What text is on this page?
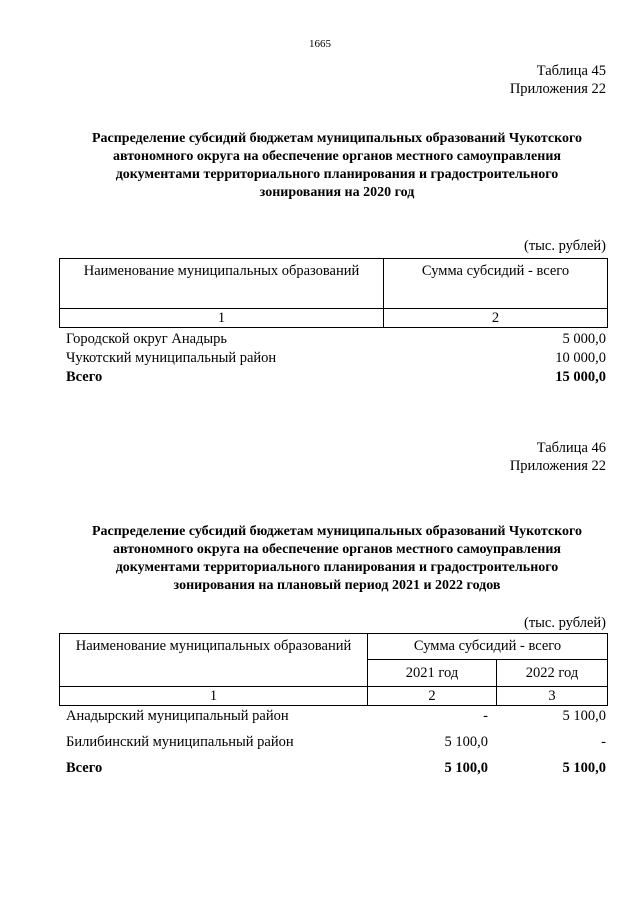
1665
Таблица 45
Приложения 22
Распределение субсидий бюджетам муниципальных образований Чукотского
автономного округа на обеспечение органов местного самоуправления
документами территориального планирования и градостроительного
зонирования на 2020 год
(тыс. рублей)
Наименование муниципальных образований	Сумма субсидий - всего
1	2
Городской округ Анадырь	5 000,0
Чукотский муниципальный район	10 000,0
Всего	15 000,0
Таблица 46
Приложения 22
Распределение субсидий бюджетам муниципальных образований Чукотского
автономного округа на обеспечение органов местного самоуправления
документами территориального планирования и градостроительного
зонирования на плановый период 2021 и 2022 годов
(тыс. рублей)
Наименование муниципальных образований	Сумма субсидий - всего	
	2021 год	2022 год
1	2	3
Анадырский муниципальный район	-	5 100,0
Билибинский муниципальный район	5 100,0	-
Всего	5 100,0	5 100,0
